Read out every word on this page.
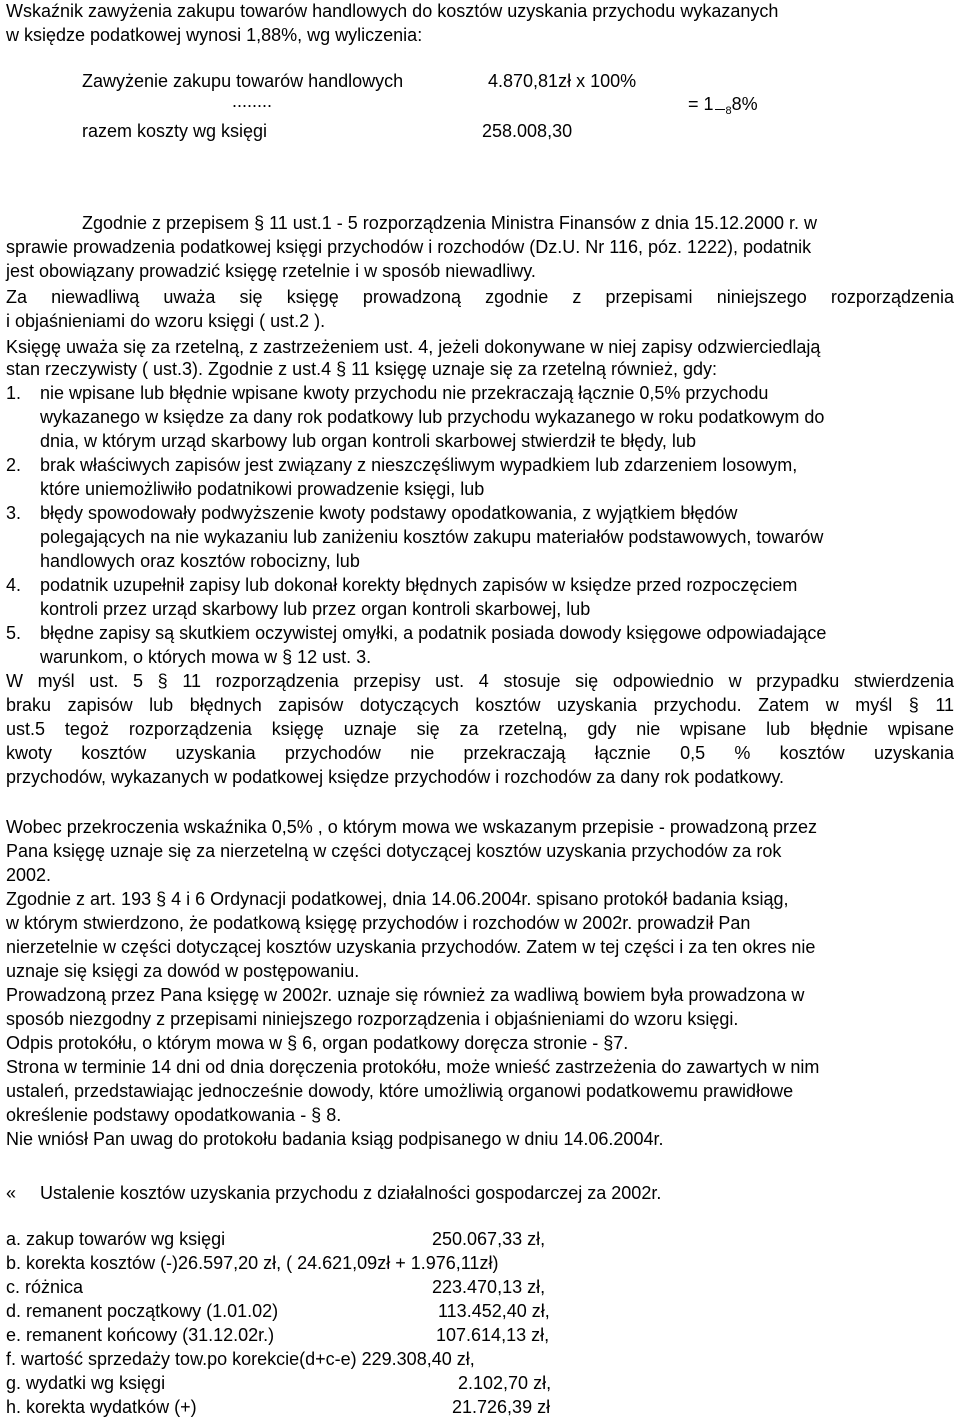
Wskaźnik zawyżenia zakupu towarów handlowych do kosztów uzyskania przychodu wykazanych
w księdze podatkowej wynosi 1,88%, wg wyliczenia:
Zawyżenie zakupu towarów handlowych	4.870,81zł x 100%
........	= 1 $_8$8%
razem koszty wg księgi	258.008,30
Zgodnie z przepisem § 11 ust.1 - 5 rozporządzenia Ministra Finansów z dnia 15.12.2000 r. w
sprawie prowadzenia podatkowej księgi przychodów i rozchodów (Dz.U. Nr 116, póz. 1222), podatnik
jest obowiązany prowadzić księgę rzetelnie i w sposób niewadliwy.
Za niewadliwą uważa się księgę prowadzoną zgodnie z przepisami niniejszego rozporządzenia
i objaśnieniami do wzoru księgi ( ust.2 ).
Księgę uważa się za rzetelną, z zastrzeżeniem ust. 4, jeżeli dokonywane w niej zapisy odzwierciedlają
stan rzeczywisty ( ust.3). Zgodnie z ust.4 § 11 księgę uznaje się za rzetelną również, gdy:
1. nie wpisane lub błędnie wpisane kwoty przychodu nie przekraczają łącznie 0,5% przychodu
wykazanego w księdze za dany rok podatkowy lub przychodu wykazanego w roku podatkowym do
dnia, w którym urząd skarbowy lub organ kontroli skarbowej stwierdził te błędy, lub
2. brak właściwych zapisów jest związany z nieszczęśliwym wypadkiem lub zdarzeniem losowym,
które uniemożliwiło podatnikowi prowadzenie księgi, lub
3. błędy spowodowały podwyższenie kwoty podstawy opodatkowania, z wyjątkiem błędów
polegających na nie wykazaniu lub zaniżeniu kosztów zakupu materiałów podstawowych, towarów
handlowych oraz kosztów robocizny, lub
4. podatnik uzupełnił zapisy lub dokonał korekty błędnych zapisów w księdze przed rozpoczęciem
kontroli przez urząd skarbowy lub przez organ kontroli skarbowej, lub
5. błędne zapisy są skutkiem oczywistej omyłki, a podatnik posiada dowody księgowe odpowiadające
warunkom, o których mowa w § 12 ust. 3.
W myśl ust. 5 § 11 rozporządzenia przepisy ust. 4 stosuje się odpowiednio w przypadku stwierdzenia
braku zapisów lub błędnych zapisów dotyczących kosztów uzyskania przychodu. Zatem w myśl § 11
ust.5 tegoż rozporządzenia księgę uznaje się za rzetelną, gdy nie wpisane lub błędnie wpisane
kwoty kosztów uzyskania przychodów nie przekraczają łącznie 0,5 % kosztów uzyskania
przychodów, wykazanych w podatkowej księdze przychodów i rozchodów za dany rok podatkowy.
Wobec przekroczenia wskaźnika 0,5% , o którym mowa we wskazanym przepisie - prowadzoną przez
Pana księgę uznaje się za nierzetelną w części dotyczącej kosztów uzyskania przychodów za rok
2002.
Zgodnie z art. 193 § 4 i 6 Ordynacji podatkowej, dnia 14.06.2004r. spisano protokół badania ksiąg,
w którym stwierdzono, że podatkową księgę przychodów i rozchodów w 2002r. prowadził Pan
nierzetelnie w części dotyczącej kosztów uzyskania przychodów. Zatem w tej części i za ten okres nie
uznaje się księgi za dowód w postępowaniu.
Prowadzoną przez Pana księgę w 2002r. uznaje się również za wadliwą bowiem była prowadzona w
sposób niezgodny z przepisami niniejszego rozporządzenia i objaśnieniami do wzoru księgi.
Odpis protokółu, o którym mowa w § 6, organ podatkowy doręcza stronie - §7.
Strona w terminie 14 dni od dnia doręczenia protokółu, może wnieść zastrzeżenia do zawartych w nim
ustaleń, przedstawiając jednocześnie dowody, które umożliwią organowi podatkowemu prawidłowe
określenie podstawy opodatkowania - § 8.
Nie wniósł Pan uwag do protokołu badania ksiąg podpisanego w dniu 14.06.2004r.
« Ustalenie kosztów uzyskania przychodu z działalności gospodarczej za 2002r.
a. zakup towarów wg księgi	250.067,33 zł,
b. korekta kosztów (-)26.597,20 zł, ( 24.621,09zł + 1.976,11zł)
c. różnica	223.470,13 zł,
d. remanent początkowy (1.01.02)	113.452,40 zł,
e. remanent końcowy (31.12.02r.)	107.614,13 zł,
f. wartość sprzedaży tow.po korekcie(d+c-e) 229.308,40 zł,
g. wydatki wg księgi	2.102,70 zł,
h. korekta wydatków (+)	21.726,39 zł
